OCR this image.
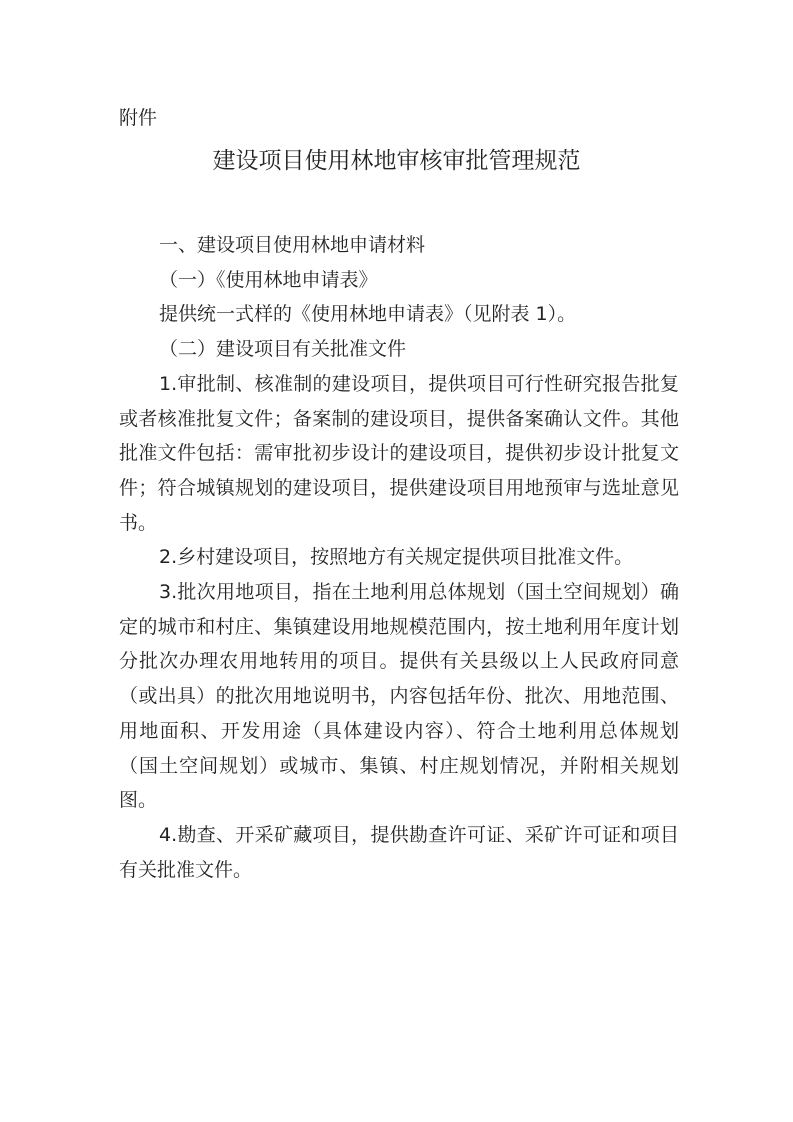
附件
建设项目使用林地审核审批管理规范

一、建设项目使用林地申请材料

（一）《使用林地申请表》

提供统一式样的《使用林地申请表》（见附表 1）。

（二）建设项目有关批准文件

1.审批制、核准制的建设项目，提供项目可行性研究报告批复或者核准批复文件；备案制的建设项目，提供备案确认文件。其他批准文件包括：需审批初步设计的建设项目，提供初步设计批复文件；符合城镇规划的建设项目，提供建设项目用地预审与选址意见书。

2.乡村建设项目，按照地方有关规定提供项目批准文件。

3.批次用地项目，指在土地利用总体规划（国土空间规划）确定的城市和村庄、集镇建设用地规模范围内，按土地利用年度计划分批次办理农用地转用的项目。提供有关县级以上人民政府同意（或出具）的批次用地说明书，内容包括年份、批次、用地范围、用地面积、开发用途（具体建设内容）、符合土地利用总体规划（国土空间规划）或城市、集镇、村庄规划情况，并附相关规划图。

4.勘查、开采矿藏项目，提供勘查许可证、采矿许可证和项目有关批准文件。
